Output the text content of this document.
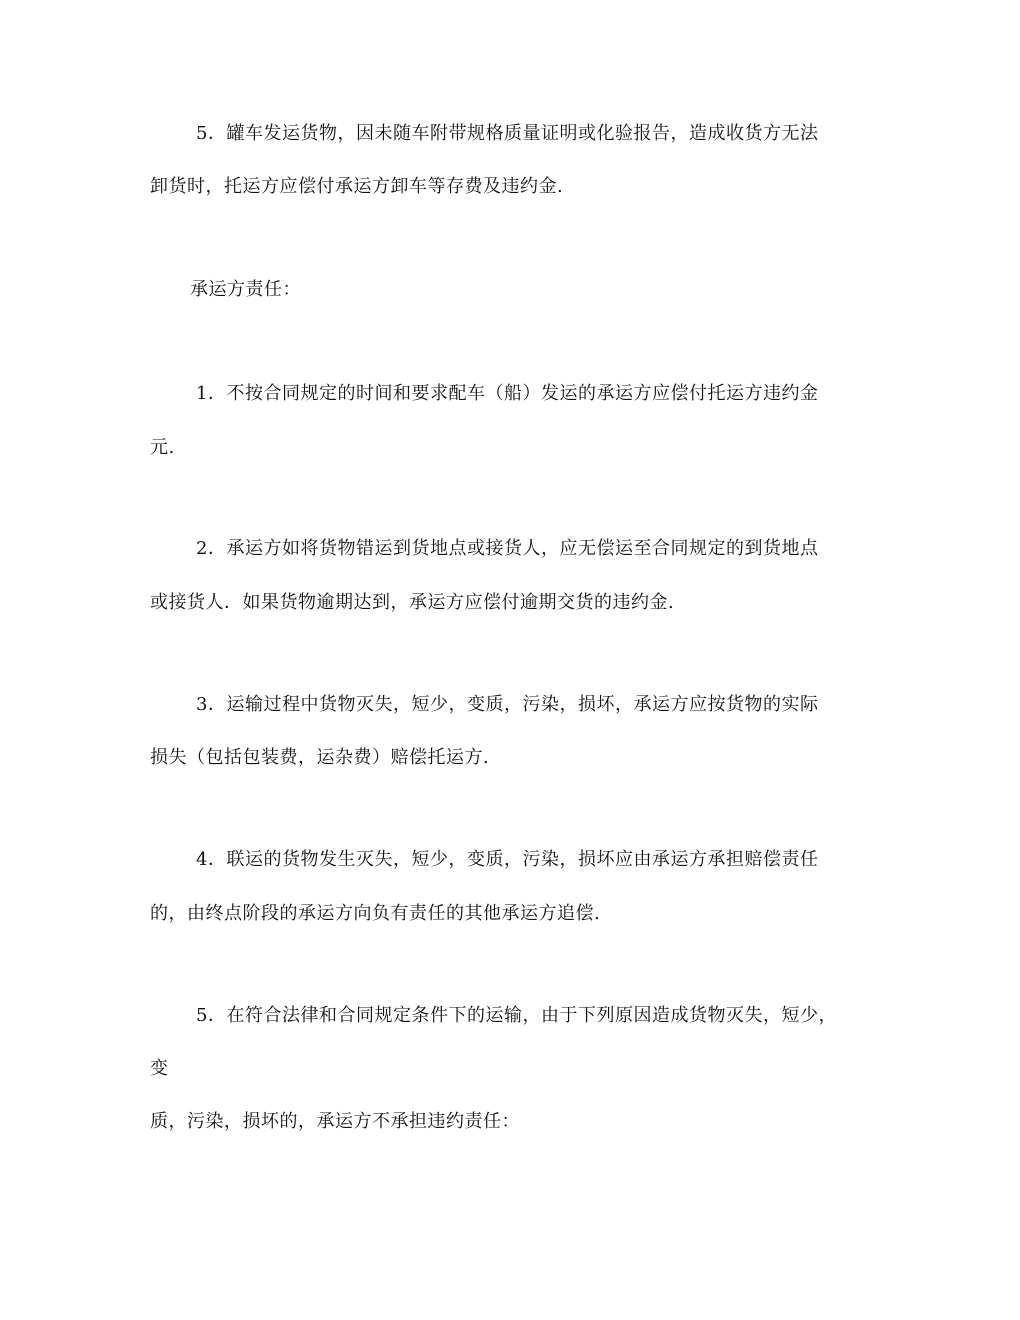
5．罐车发运货物，因未随车附带规格质量证明或化验报告，造成收货方无法
卸货时，托运方应偿付承运方卸车等存费及违约金.
承运方责任：
1．不按合同规定的时间和要求配车（船）发运的承运方应偿付托运方违约金
元.
2．承运方如将货物错运到货地点或接货人，应无偿运至合同规定的到货地点
或接货人．如果货物逾期达到，承运方应偿付逾期交货的违约金.
3．运输过程中货物灭失，短少，变质，污染，损坏，承运方应按货物的实际
损失（包括包装费，运杂费）赔偿托运方.
4．联运的货物发生灭失，短少，变质，污染，损坏应由承运方承担赔偿责任
的，由终点阶段的承运方向负有责任的其他承运方追偿.
5．在符合法律和合同规定条件下的运输，由于下列原因造成货物灭失，短少，
变
质，污染，损坏的，承运方不承担违约责任：
